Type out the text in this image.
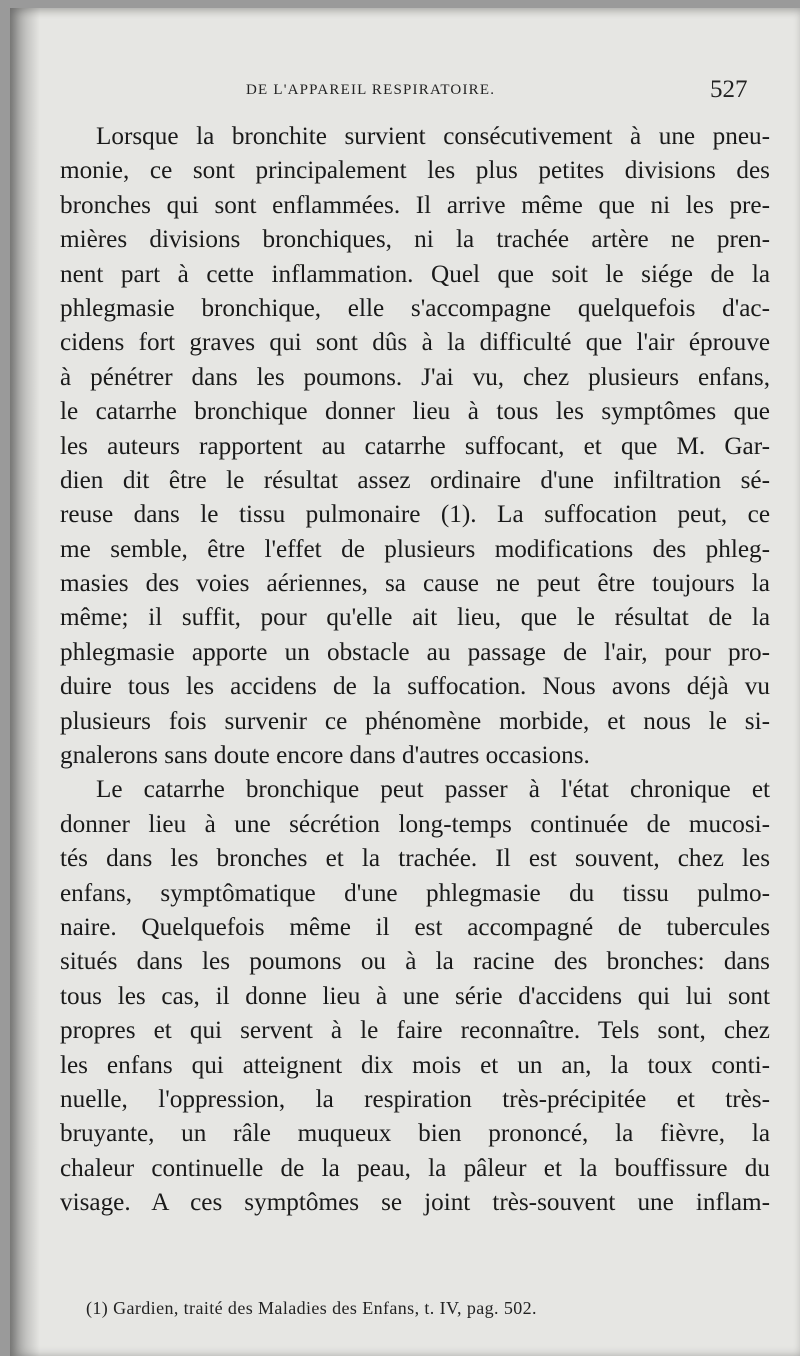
DE L'APPAREIL RESPIRATOIRE.	527
Lorsque la bronchite survient consécutivement à une pneu-
monie, ce sont principalement les plus petites divisions des
bronches qui sont enflammées. Il arrive même que ni les pre-
mières divisions bronchiques, ni la trachée artère ne pren-
nent part à cette inflammation. Quel que soit le siége de la
phlegmasie bronchique, elle s'accompagne quelquefois d'ac-
cidens fort graves qui sont dûs à la difficulté que l'air éprouve
à pénétrer dans les poumons. J'ai vu, chez plusieurs enfans,
le catarrhe bronchique donner lieu à tous les symptômes que
les auteurs rapportent au catarrhe suffocant, et que M. Gar-
dien dit être le résultat assez ordinaire d'une infiltration sé-
reuse dans le tissu pulmonaire (1). La suffocation peut, ce
me semble, être l'effet de plusieurs modifications des phleg-
masies des voies aériennes, sa cause ne peut être toujours la
même; il suffit, pour qu'elle ait lieu, que le résultat de la
phlegmasie apporte un obstacle au passage de l'air, pour pro-
duire tous les accidens de la suffocation. Nous avons déjà vu
plusieurs fois survenir ce phénomène morbide, et nous le si-
gnalerons sans doute encore dans d'autres occasions.
Le catarrhe bronchique peut passer à l'état chronique et
donner lieu à une sécrétion long-temps continuée de mucosi-
tés dans les bronches et la trachée. Il est souvent, chez les
enfans, symptômatique d'une phlegmasie du tissu pulmo-
naire. Quelquefois même il est accompagné de tubercules
situés dans les poumons ou à la racine des bronches: dans
tous les cas, il donne lieu à une série d'accidens qui lui sont
propres et qui servent à le faire reconnaître. Tels sont, chez
les enfans qui atteignent dix mois et un an, la toux conti-
nuelle, l'oppression, la respiration très-précipitée et très-
bruyante, un râle muqueux bien prononcé, la fièvre, la
chaleur continuelle de la peau, la pâleur et la bouffissure du
visage. A ces symptômes se joint très-souvent une inflam-
(1) Gardien, traité des Maladies des Enfans, t. IV, pag. 502.
